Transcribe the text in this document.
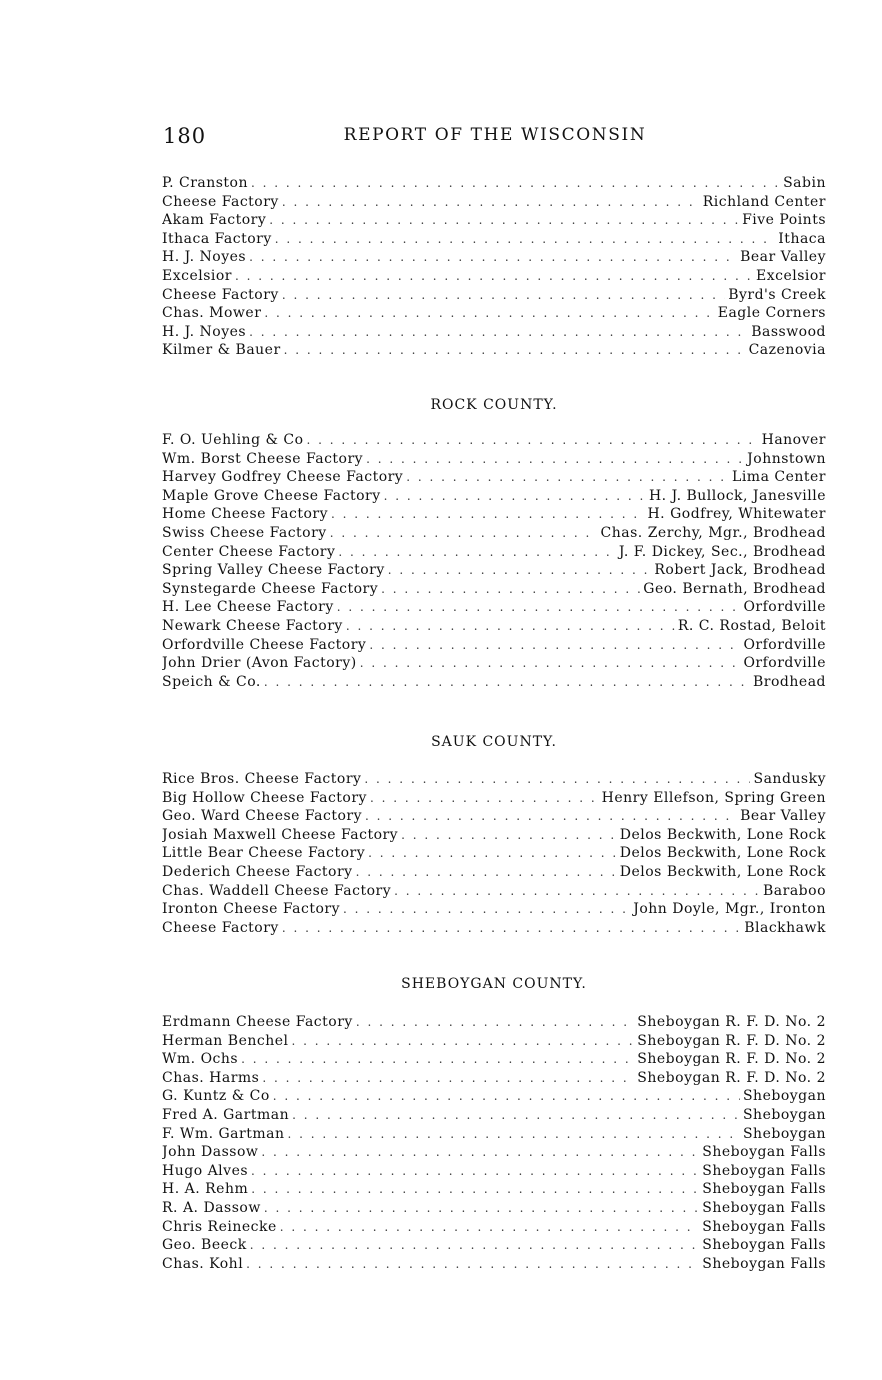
180	REPORT OF THE WISCONSIN
P. Cranston . . .	Sabin
Cheese Factory . . .	Richland Center
Akam Factory . . .	Five Points
Ithaca Factory . . .	Ithaca
H. J. Noyes . . .	Bear Valley
Excelsior . . .	Excelsior
Cheese Factory . . .	Byrd's Creek
Chas. Mower . . .	Eagle Corners
H. J. Noyes . . .	Basswood
Kilmer & Bauer . . .	Cazenovia
ROCK COUNTY.
F. O. Uehling & Co . . .	Hanover
Wm. Borst Cheese Factory . . .	Johnstown
Harvey Godfrey Cheese Factory . . .	Lima Center
Maple Grove Cheese Factory . . .	H. J. Bullock, Janesville
Home Cheese Factory . . .	H. Godfrey, Whitewater
Swiss Cheese Factory . . .	Chas. Zerchy, Mgr., Brodhead
Center Cheese Factory . . .	J. F. Dickey, Sec., Brodhead
Spring Valley Cheese Factory . . .	Robert Jack, Brodhead
Synstegarde Cheese Factory . . .	Geo. Bernath, Brodhead
H. Lee Cheese Factory . . .	Orfordville
Newark Cheese Factory . . .	R. C. Rostad, Beloit
Orfordville Cheese Factory . . .	Orfordville
John Drier (Avon Factory) . . .	Orfordville
Speich & Co. . . .	Brodhead
SAUK COUNTY.
Rice Bros. Cheese Factory . . .	Sandusky
Big Hollow Cheese Factory . . .	Henry Ellefson, Spring Green
Geo. Ward Cheese Factory . . .	Bear Valley
Josiah Maxwell Cheese Factory . . .	Delos Beckwith, Lone Rock
Little Bear Cheese Factory . . .	Delos Beckwith, Lone Rock
Dederich Cheese Factory . . .	Delos Beckwith, Lone Rock
Chas. Waddell Cheese Factory . . .	Baraboo
Ironton Cheese Factory . . .	John Doyle, Mgr., Ironton
Cheese Factory . . .	Blackhawk
SHEBOYGAN COUNTY.
Erdmann Cheese Factory . . .	Sheboygan R. F. D. No. 2
Herman Benchel . . .	Sheboygan R. F. D. No. 2
Wm. Ochs . . .	Sheboygan R. F. D. No. 2
Chas. Harms . . .	Sheboygan R. F. D. No. 2
G. Kuntz & Co . . .	Sheboygan
Fred A. Gartman . . .	Sheboygan
F. Wm. Gartman . . .	Sheboygan
John Dassow . . .	Sheboygan Falls
Hugo Alves . . .	Sheboygan Falls
H. A. Rehm . . .	Sheboygan Falls
R. A. Dassow . . .	Sheboygan Falls
Chris Reinecke . . .	Sheboygan Falls
Geo. Beeck . . .	Sheboygan Falls
Chas. Kohl . . .	Sheboygan Falls
